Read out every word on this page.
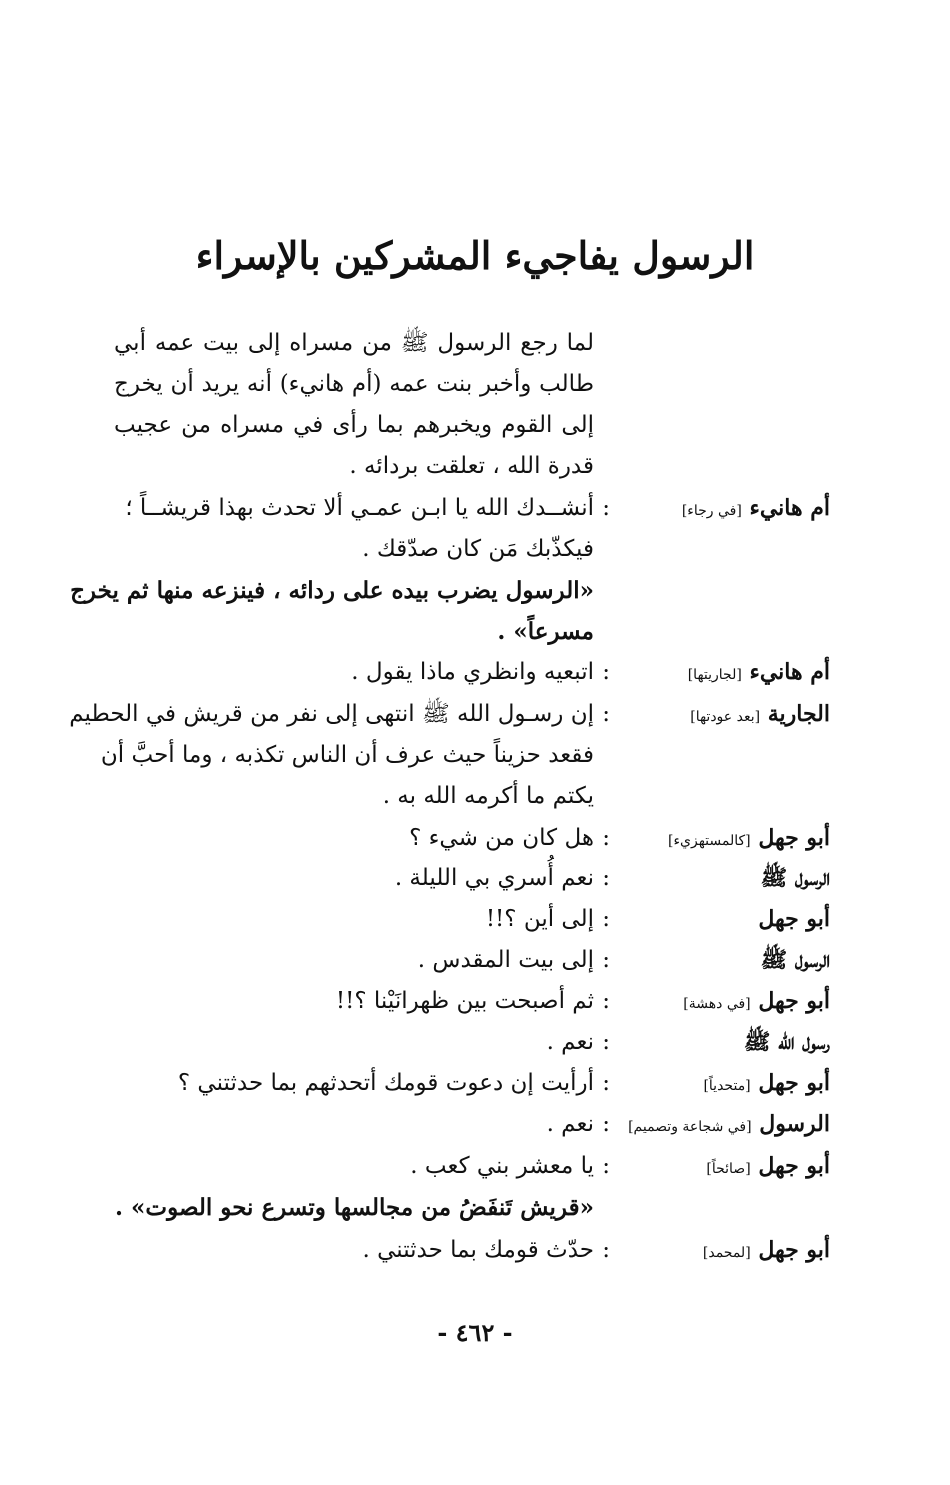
الرسول يفاجيء المشركين بالإسراء
لما رجع الرسول ﷺ من مسراه إلى بيت عمه أبي طالب وأخبر بنت عمه (أم هانيء) أنه يريد أن يخرج إلى القوم ويخبرهم بما رأى في مسراه من عجيب قدرة الله ، تعلقت بردائه .
أم هانيء [في رجاء]
:
أنشــدك الله يا ابـن عمـي ألا تحدث بهذا قريشــاً ؛
فيكذّبك مَن كان صدّقك .
«الرسول يضرب بيده على ردائه ، فينزعه منها ثم يخرج
مسرعاً» .
أم هانيء [لجاريتها]
:
اتبعيه وانظري ماذا يقول .
الجارية [بعد عودتها]
:
إن رسـول الله ﷺ انتهى إلى نفر من قريش في الحطيم
فقعد حزيناً حيث عرف أن الناس تكذبه ، وما أحبَّ أن
يكتم ما أكرمه الله به .
أبو جهل [كالمستهزيء]
:
هل كان من شيء ؟
الرسول ﷺ
:
نعم أُسري بي الليلة .
أبو جهل
:
إلى أين ؟!!
الرسول ﷺ
:
إلى بيت المقدس .
أبو جهل [في دهشة]
:
ثم أصبحت بين ظهرانَيْنا ؟!!
رسول الله ﷺ
:
نعم .
أبو جهل [متحدياً]
:
أرأيت إن دعوت قومك أتحدثهم بما حدثتني ؟
الرسول [في شجاعة وتصميم]
:
نعم .
أبو جهل [صائحاً]
:
يا معشر بني كعب .
«قريش تَنفَضُ من مجالسها وتسرع نحو الصوت» .
أبو جهل [لمحمد]
:
حدّث قومك بما حدثتني .
- ٤٦٢ -
